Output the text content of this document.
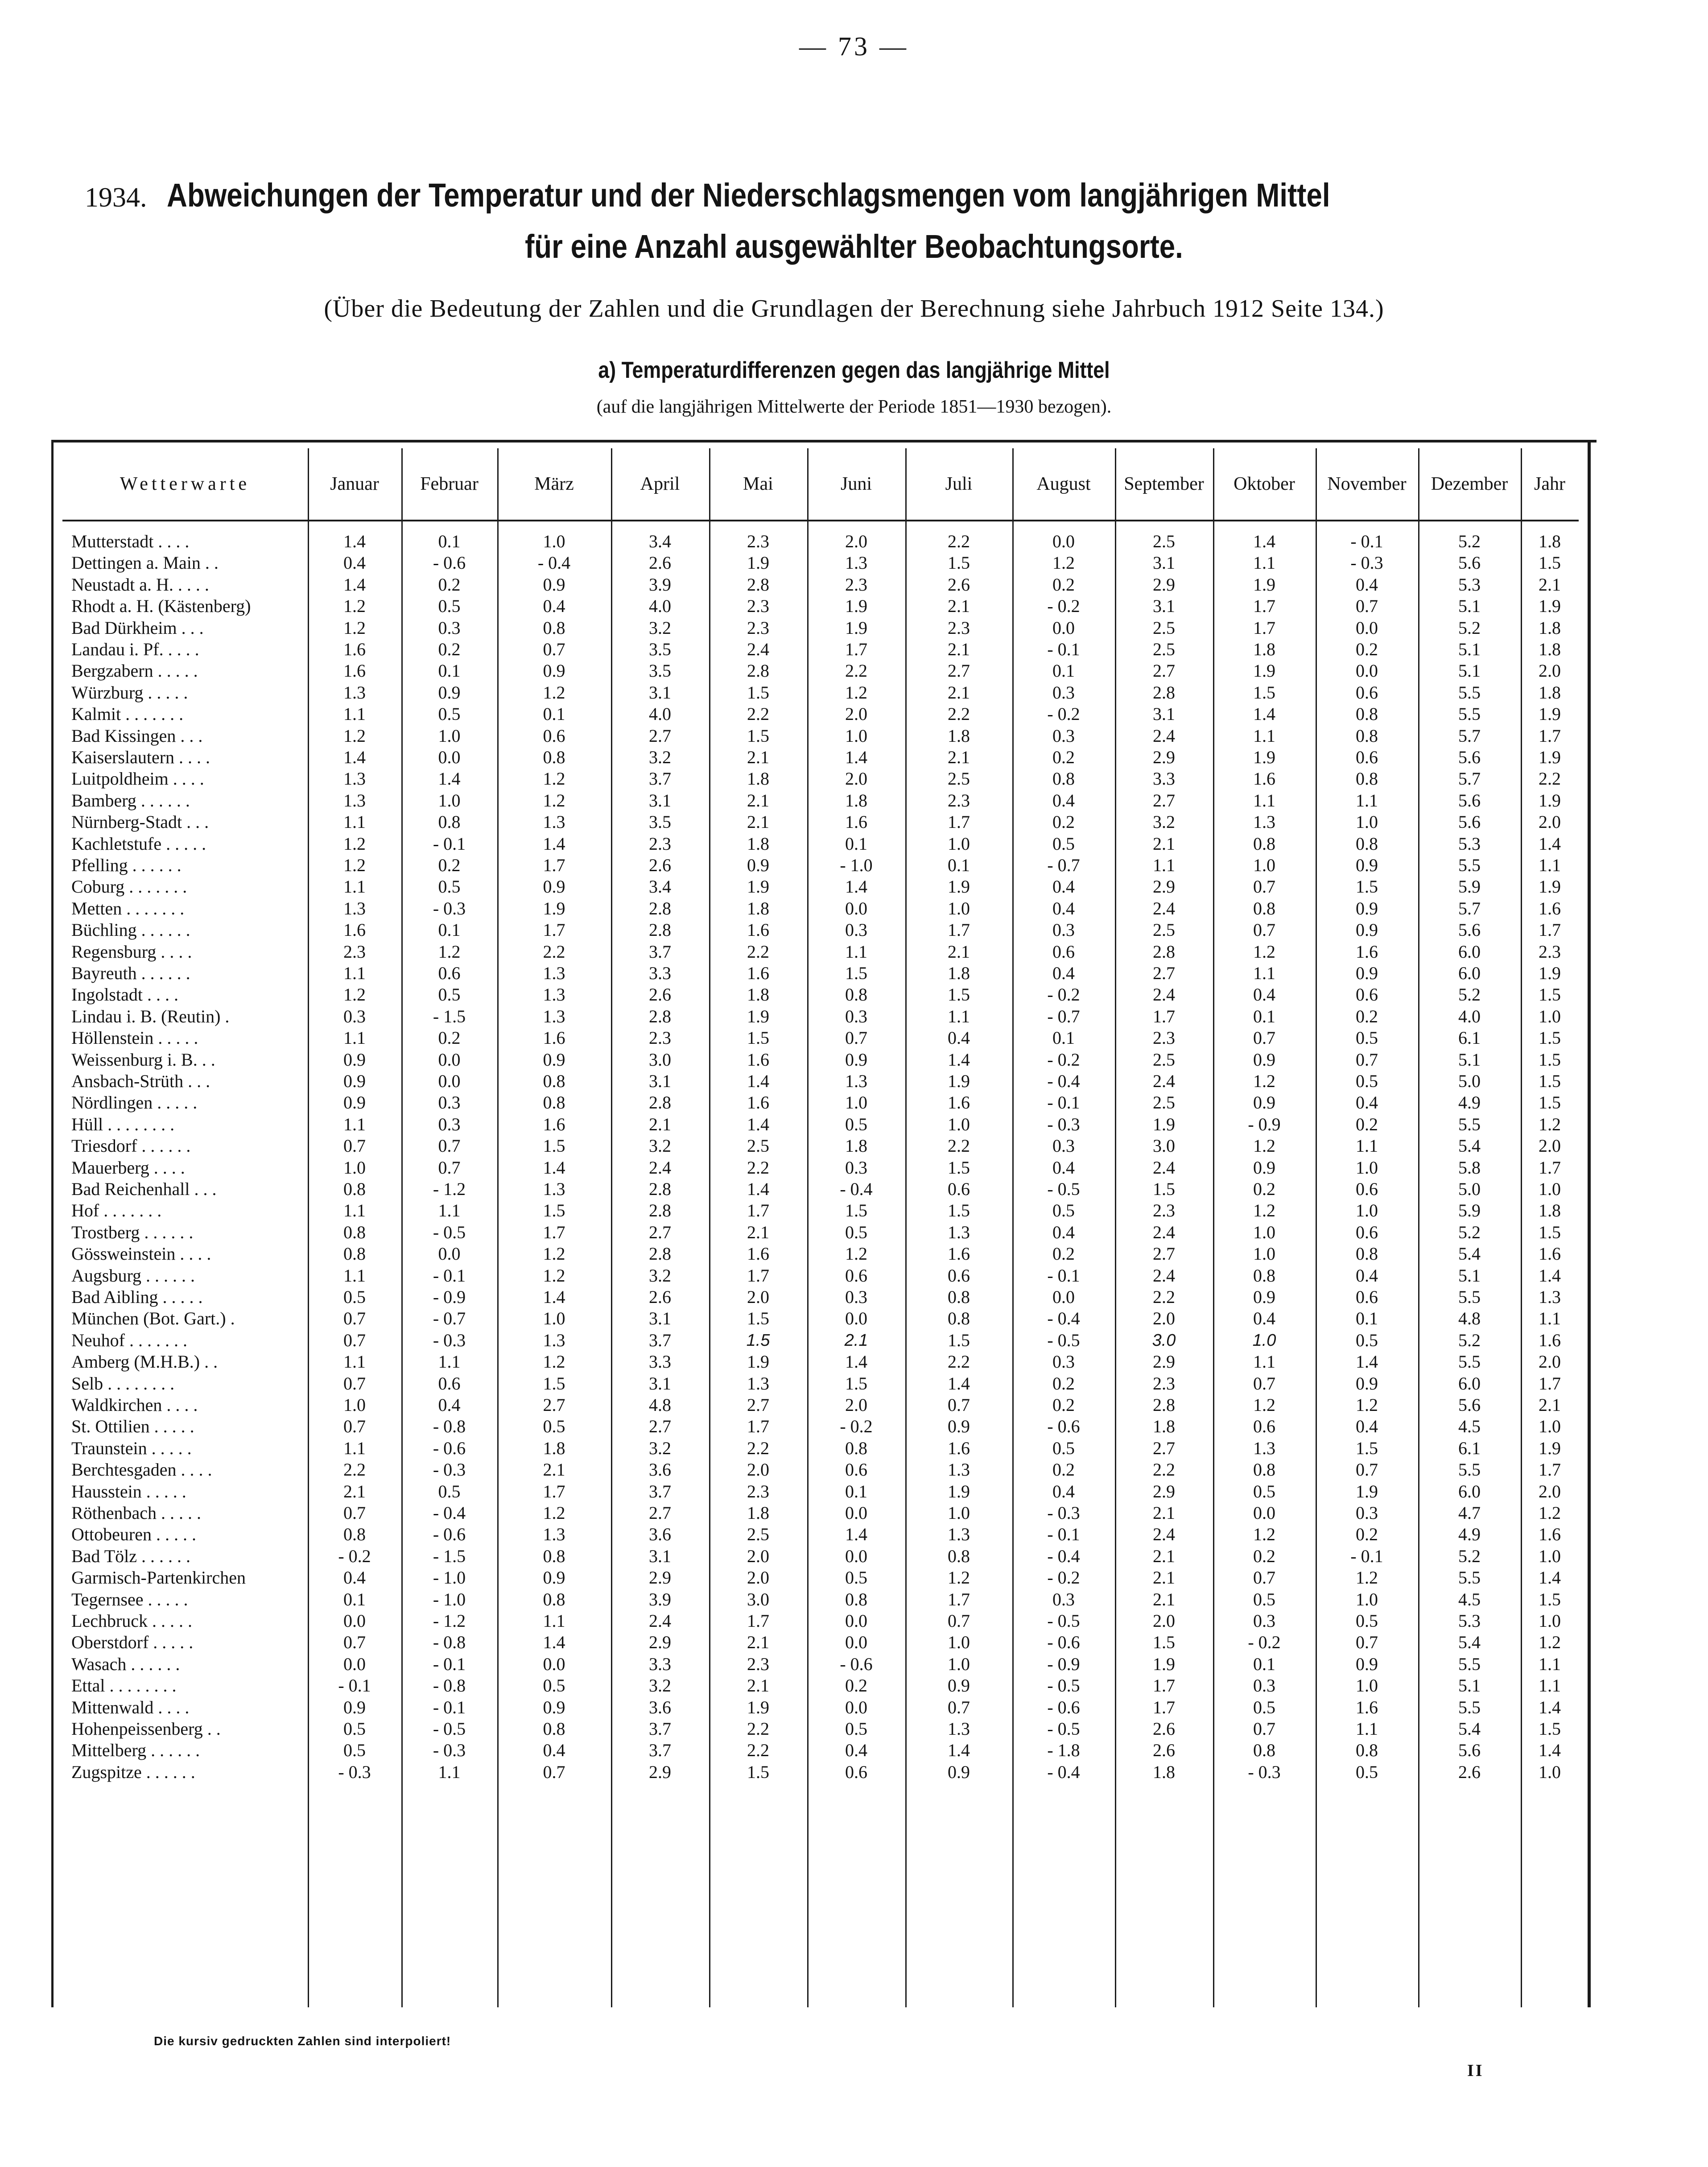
— 73 —
1934. Abweichungen der Temperatur und der Niederschlagsmengen vom langjährigen Mittel
für eine Anzahl ausgewählter Beobachtungsorte.
(Über die Bedeutung der Zahlen und die Grundlagen der Berechnung siehe Jahrbuch 1912 Seite 134.)
a) Temperaturdifferenzen gegen das langjährige Mittel
(auf die langjährigen Mittelwerte der Periode 1851—1930 bezogen).
Wetterwarte	Januar	Februar	März	April	Mai	Juni	Juli	August	September	Oktober	November	Dezember	Jahr
Mutterstadt . . . .	1.4	0.1	1.0	3.4	2.3	2.0	2.2	0.0	2.5	1.4	- 0.1	5.2	1.8
Dettingen a. Main . .	0.4	- 0.6	- 0.4	2.6	1.9	1.3	1.5	1.2	3.1	1.1	- 0.3	5.6	1.5
Neustadt a. H. . . . .	1.4	0.2	0.9	3.9	2.8	2.3	2.6	0.2	2.9	1.9	0.4	5.3	2.1
Rhodt a. H. (Kästenberg)	1.2	0.5	0.4	4.0	2.3	1.9	2.1	- 0.2	3.1	1.7	0.7	5.1	1.9
Bad Dürkheim . . .	1.2	0.3	0.8	3.2	2.3	1.9	2.3	0.0	2.5	1.7	0.0	5.2	1.8
Landau i. Pf. . . . .	1.6	0.2	0.7	3.5	2.4	1.7	2.1	- 0.1	2.5	1.8	0.2	5.1	1.8
Bergzabern . . . . .	1.6	0.1	0.9	3.5	2.8	2.2	2.7	0.1	2.7	1.9	0.0	5.1	2.0
Würzburg . . . . .	1.3	0.9	1.2	3.1	1.5	1.2	2.1	0.3	2.8	1.5	0.6	5.5	1.8
Kalmit . . . . . . .	1.1	0.5	0.1	4.0	2.2	2.0	2.2	- 0.2	3.1	1.4	0.8	5.5	1.9
Bad Kissingen . . .	1.2	1.0	0.6	2.7	1.5	1.0	1.8	0.3	2.4	1.1	0.8	5.7	1.7
Kaiserslautern . . . .	1.4	0.0	0.8	3.2	2.1	1.4	2.1	0.2	2.9	1.9	0.6	5.6	1.9
Luitpoldheim . . . .	1.3	1.4	1.2	3.7	1.8	2.0	2.5	0.8	3.3	1.6	0.8	5.7	2.2
Bamberg . . . . . .	1.3	1.0	1.2	3.1	2.1	1.8	2.3	0.4	2.7	1.1	1.1	5.6	1.9
Nürnberg-Stadt . . .	1.1	0.8	1.3	3.5	2.1	1.6	1.7	0.2	3.2	1.3	1.0	5.6	2.0
Kachletstufe . . . . .	1.2	- 0.1	1.4	2.3	1.8	0.1	1.0	0.5	2.1	0.8	0.8	5.3	1.4
Pfelling . . . . . .	1.2	0.2	1.7	2.6	0.9	- 1.0	0.1	- 0.7	1.1	1.0	0.9	5.5	1.1
Coburg . . . . . . .	1.1	0.5	0.9	3.4	1.9	1.4	1.9	0.4	2.9	0.7	1.5	5.9	1.9
Metten . . . . . . .	1.3	- 0.3	1.9	2.8	1.8	0.0	1.0	0.4	2.4	0.8	0.9	5.7	1.6
Büchling . . . . . .	1.6	0.1	1.7	2.8	1.6	0.3	1.7	0.3	2.5	0.7	0.9	5.6	1.7
Regensburg . . . .	2.3	1.2	2.2	3.7	2.2	1.1	2.1	0.6	2.8	1.2	1.6	6.0	2.3
Bayreuth . . . . . .	1.1	0.6	1.3	3.3	1.6	1.5	1.8	0.4	2.7	1.1	0.9	6.0	1.9
Ingolstadt . . . .	1.2	0.5	1.3	2.6	1.8	0.8	1.5	- 0.2	2.4	0.4	0.6	5.2	1.5
Lindau i. B. (Reutin) .	0.3	- 1.5	1.3	2.8	1.9	0.3	1.1	- 0.7	1.7	0.1	0.2	4.0	1.0
Höllenstein . . . . .	1.1	0.2	1.6	2.3	1.5	0.7	0.4	0.1	2.3	0.7	0.5	6.1	1.5
Weissenburg i. B. . .	0.9	0.0	0.9	3.0	1.6	0.9	1.4	- 0.2	2.5	0.9	0.7	5.1	1.5
Ansbach-Strüth . . .	0.9	0.0	0.8	3.1	1.4	1.3	1.9	- 0.4	2.4	1.2	0.5	5.0	1.5
Nördlingen . . . . .	0.9	0.3	0.8	2.8	1.6	1.0	1.6	- 0.1	2.5	0.9	0.4	4.9	1.5
Hüll . . . . . . . .	1.1	0.3	1.6	2.1	1.4	0.5	1.0	- 0.3	1.9	- 0.9	0.2	5.5	1.2
Triesdorf . . . . . .	0.7	0.7	1.5	3.2	2.5	1.8	2.2	0.3	3.0	1.2	1.1	5.4	2.0
Mauerberg . . . .	1.0	0.7	1.4	2.4	2.2	0.3	1.5	0.4	2.4	0.9	1.0	5.8	1.7
Bad Reichenhall . . .	0.8	- 1.2	1.3	2.8	1.4	- 0.4	0.6	- 0.5	1.5	0.2	0.6	5.0	1.0
Hof . . . . . . .	1.1	1.1	1.5	2.8	1.7	1.5	1.5	0.5	2.3	1.2	1.0	5.9	1.8
Trostberg . . . . . .	0.8	- 0.5	1.7	2.7	2.1	0.5	1.3	0.4	2.4	1.0	0.6	5.2	1.5
Gössweinstein . . . .	0.8	0.0	1.2	2.8	1.6	1.2	1.6	0.2	2.7	1.0	0.8	5.4	1.6
Augsburg . . . . . .	1.1	- 0.1	1.2	3.2	1.7	0.6	0.6	- 0.1	2.4	0.8	0.4	5.1	1.4
Bad Aibling . . . . .	0.5	- 0.9	1.4	2.6	2.0	0.3	0.8	0.0	2.2	0.9	0.6	5.5	1.3
München (Bot. Gart.) .	0.7	- 0.7	1.0	3.1	1.5	0.0	0.8	- 0.4	2.0	0.4	0.1	4.8	1.1
Neuhof . . . . . . .	0.7	- 0.3	1.3	3.7	1.5	2.1	1.5	- 0.5	3.0	1.0	0.5	5.2	1.6
Amberg (M.H.B.) . .	1.1	1.1	1.2	3.3	1.9	1.4	2.2	0.3	2.9	1.1	1.4	5.5	2.0
Selb . . . . . . . .	0.7	0.6	1.5	3.1	1.3	1.5	1.4	0.2	2.3	0.7	0.9	6.0	1.7
Waldkirchen . . . .	1.0	0.4	2.7	4.8	2.7	2.0	0.7	0.2	2.8	1.2	1.2	5.6	2.1
St. Ottilien . . . . .	0.7	- 0.8	0.5	2.7	1.7	- 0.2	0.9	- 0.6	1.8	0.6	0.4	4.5	1.0
Traunstein . . . . .	1.1	- 0.6	1.8	3.2	2.2	0.8	1.6	0.5	2.7	1.3	1.5	6.1	1.9
Berchtesgaden . . . .	2.2	- 0.3	2.1	3.6	2.0	0.6	1.3	0.2	2.2	0.8	0.7	5.5	1.7
Hausstein . . . . .	2.1	0.5	1.7	3.7	2.3	0.1	1.9	0.4	2.9	0.5	1.9	6.0	2.0
Röthenbach . . . . .	0.7	- 0.4	1.2	2.7	1.8	0.0	1.0	- 0.3	2.1	0.0	0.3	4.7	1.2
Ottobeuren . . . . .	0.8	- 0.6	1.3	3.6	2.5	1.4	1.3	- 0.1	2.4	1.2	0.2	4.9	1.6
Bad Tölz . . . . . .	- 0.2	- 1.5	0.8	3.1	2.0	0.0	0.8	- 0.4	2.1	0.2	- 0.1	5.2	1.0
Garmisch-Partenkirchen	0.4	- 1.0	0.9	2.9	2.0	0.5	1.2	- 0.2	2.1	0.7	1.2	5.5	1.4
Tegernsee . . . . .	0.1	- 1.0	0.8	3.9	3.0	0.8	1.7	0.3	2.1	0.5	1.0	4.5	1.5
Lechbruck . . . . .	0.0	- 1.2	1.1	2.4	1.7	0.0	0.7	- 0.5	2.0	0.3	0.5	5.3	1.0
Oberstdorf . . . . .	0.7	- 0.8	1.4	2.9	2.1	0.0	1.0	- 0.6	1.5	- 0.2	0.7	5.4	1.2
Wasach . . . . . .	0.0	- 0.1	0.0	3.3	2.3	- 0.6	1.0	- 0.9	1.9	0.1	0.9	5.5	1.1
Ettal . . . . . . . .	- 0.1	- 0.8	0.5	3.2	2.1	0.2	0.9	- 0.5	1.7	0.3	1.0	5.1	1.1
Mittenwald . . . .	0.9	- 0.1	0.9	3.6	1.9	0.0	0.7	- 0.6	1.7	0.5	1.6	5.5	1.4
Hohenpeissenberg . .	0.5	- 0.5	0.8	3.7	2.2	0.5	1.3	- 0.5	2.6	0.7	1.1	5.4	1.5
Mittelberg . . . . . .	0.5	- 0.3	0.4	3.7	2.2	0.4	1.4	- 1.8	2.6	0.8	0.8	5.6	1.4
Zugspitze . . . . . .	- 0.3	1.1	0.7	2.9	1.5	0.6	0.9	- 0.4	1.8	- 0.3	0.5	2.6	1.0
Die kursiv gedruckten Zahlen sind interpoliert!
II
